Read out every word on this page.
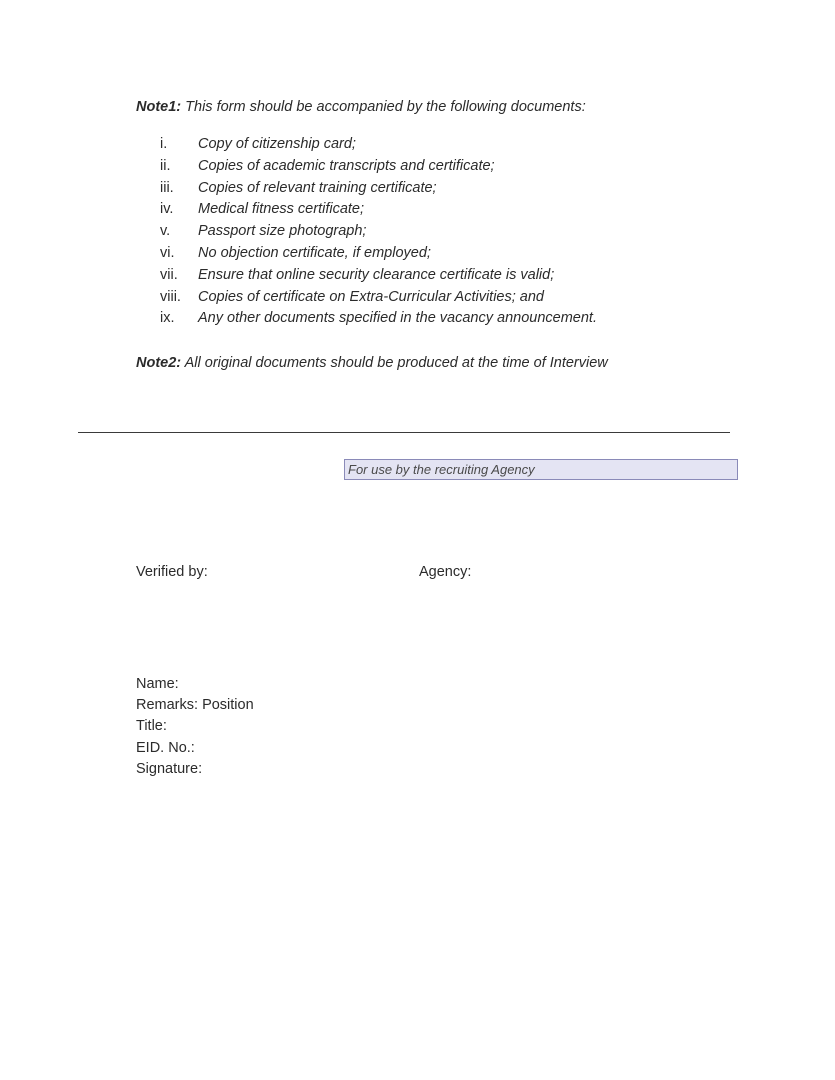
Note1: This form should be accompanied by the following documents:
i. Copy of citizenship card;
ii. Copies of academic transcripts and certificate;
iii. Copies of relevant training certificate;
iv. Medical fitness certificate;
v. Passport size photograph;
vi. No objection certificate, if employed;
vii. Ensure that online security clearance certificate is valid;
viii. Copies of certificate on Extra-Curricular Activities; and
ix. Any other documents specified in the vacancy announcement.
Note2: All original documents should be produced at the time of Interview
For use by the recruiting Agency
Verified by:	Agency:
Name:
Remarks: Position
Title:
EID. No.:
Signature:
